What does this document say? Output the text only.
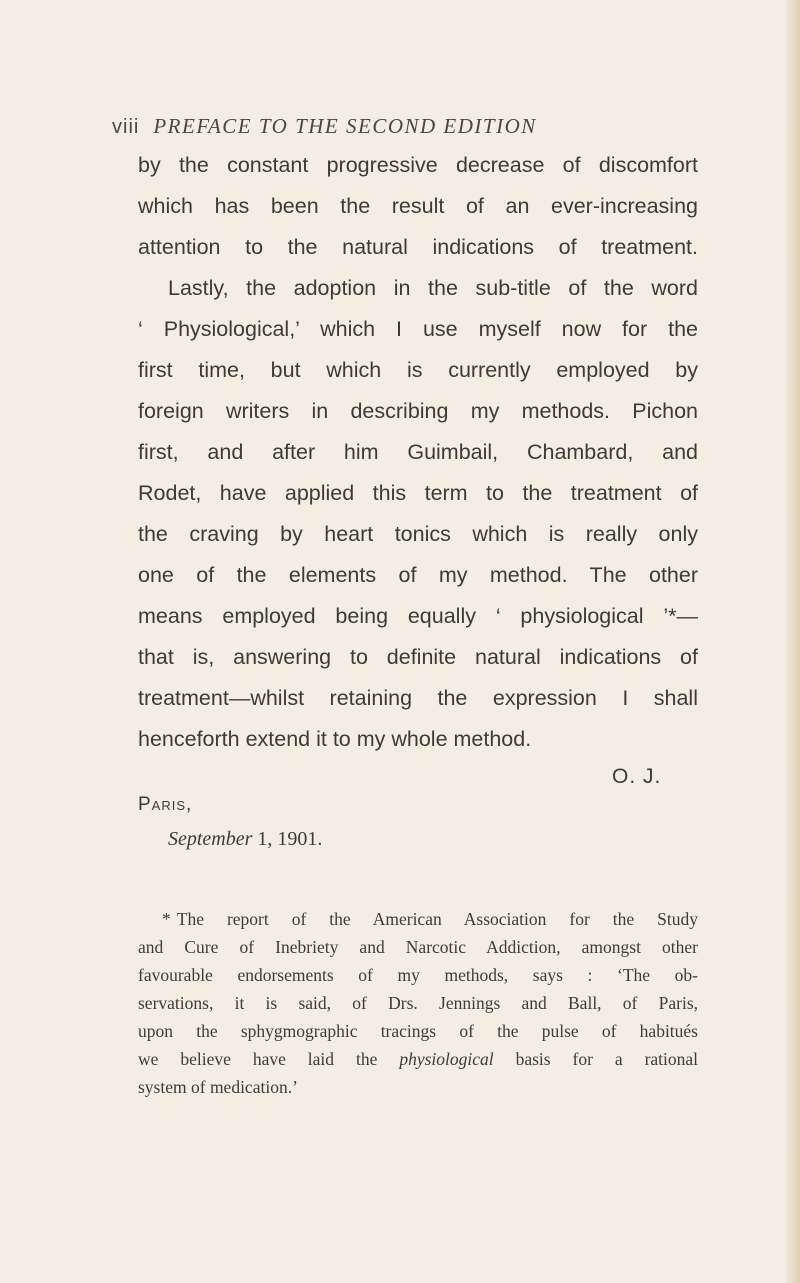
viii PREFACE TO THE SECOND EDITION
by the constant progressive decrease of discomfort
which has been the result of an ever-increasing
attention to the natural indications of treatment.
Lastly, the adoption in the sub-title of the word
‘ Physiological,’ which I use myself now for the
first time, but which is currently employed by
foreign writers in describing my methods. Pichon
first, and after him Guimbail, Chambard, and
Rodet, have applied this term to the treatment of
the craving by heart tonics which is really only
one of the elements of my method. The other
means employed being equally ‘ physiological ’*—
that is, answering to definite natural indications of
treatment—whilst retaining the expression I shall
henceforth extend it to my whole method.
O. J.
Paris,
September 1, 1901.
* The report of the American Association for the Study
and Cure of Inebriety and Narcotic Addiction, amongst other
favourable endorsements of my methods, says : ‘The ob-
servations, it is said, of Drs. Jennings and Ball, of Paris,
upon the sphygmographic tracings of the pulse of habitués
we believe have laid the physiological basis for a rational
system of medication.’
